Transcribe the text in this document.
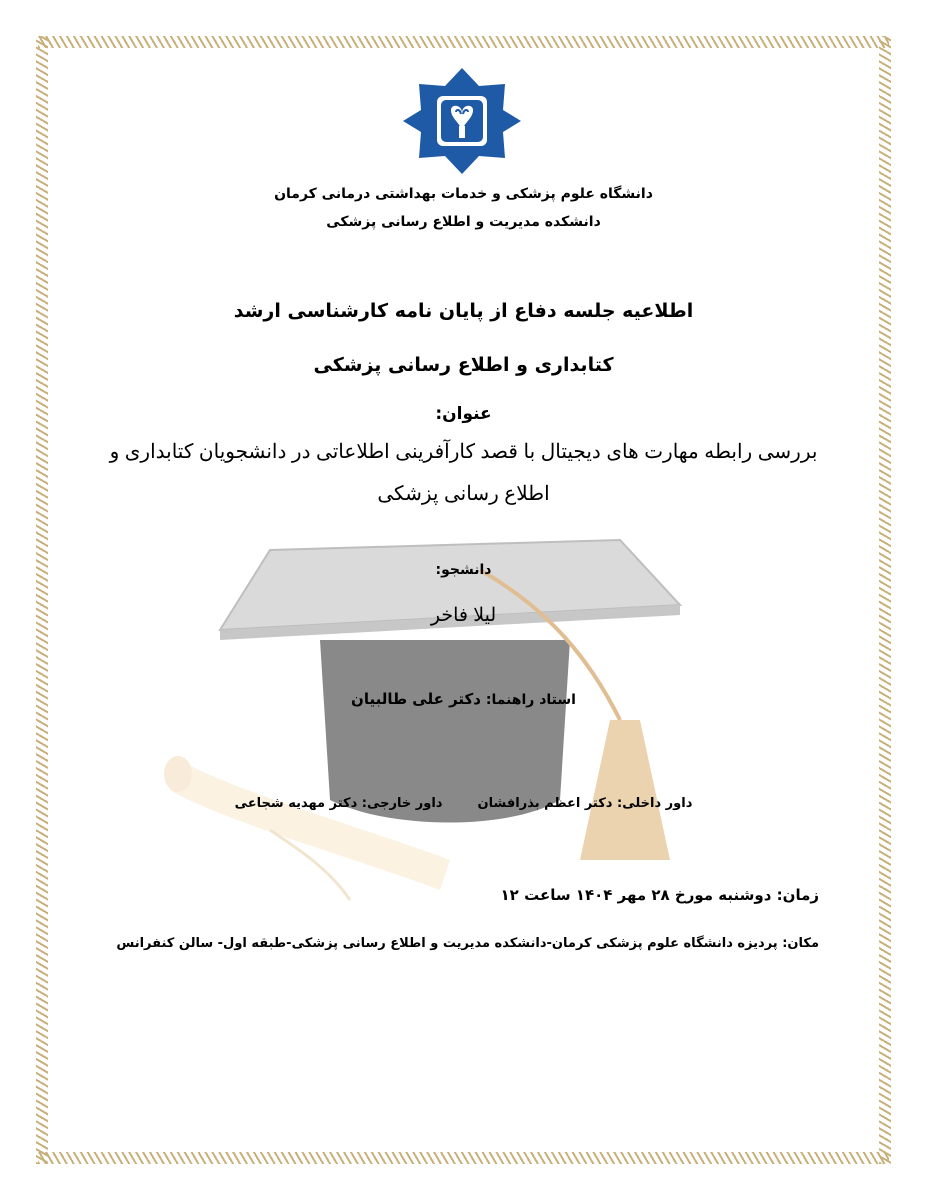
دانشگاه علوم پزشکی و خدمات بهداشتی درمانی کرمان
دانشکده مدیریت و اطلاع رسانی پزشکی
اطلاعیه جلسه دفاع از پایان نامه کارشناسی ارشد
کتابداری و اطلاع رسانی پزشکی
عنوان:
بررسی رابطه مهارت های دیجیتال با قصد کارآفرینی اطلاعاتی در دانشجویان کتابداری و
اطلاع رسانی پزشکی
دانشجو:
لیلا فاخر
استاد راهنما: دکتر علی طالبیان
داور داخلی: دکتر اعظم بذرافشان  داور خارجی: دکتر مهدیه شجاعی
زمان: دوشنبه مورخ ۲۸ مهر ۱۴۰۴ ساعت ۱۲
مکان: پردیزه دانشگاه علوم پزشکی کرمان-دانشکده مدیریت و اطلاع رسانی پزشکی-طبقه اول- سالن کنفرانس
